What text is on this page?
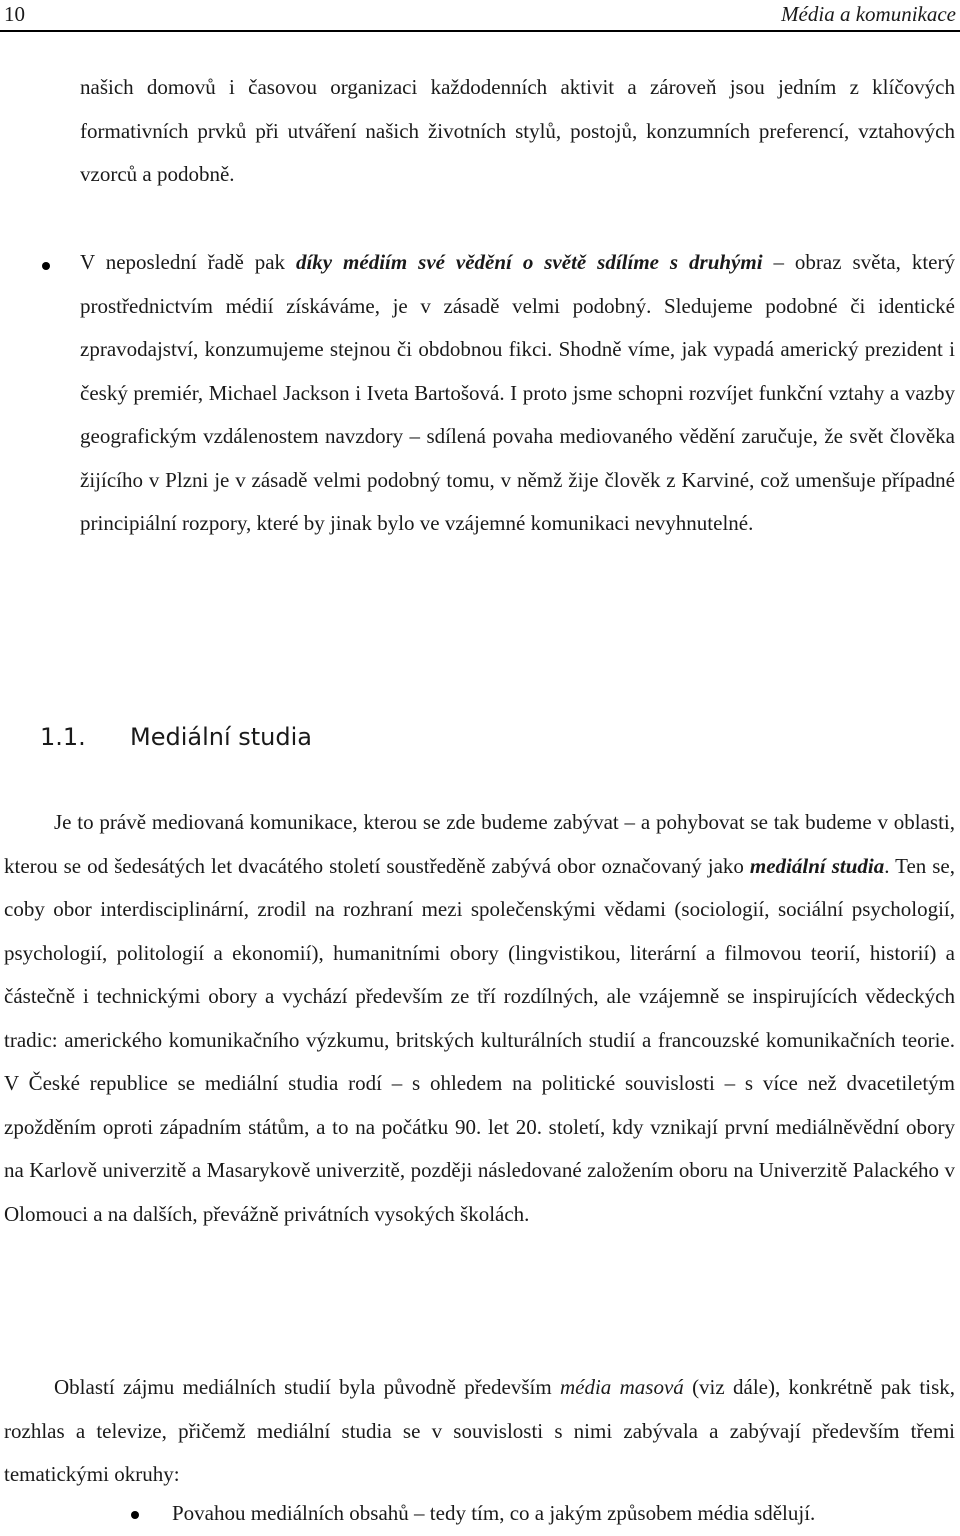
10	Média a komunikace
našich domovů i časovou organizaci každodenních aktivit a zároveň jsou jedním z klíčových formativních prvků při utváření našich životních stylů, postojů, konzumních preferencí, vztahových vzorců a podobně.
V neposlední řadě pak díky médiím své vědění o světě sdílíme s druhými – obraz světa, který prostřednictvím médií získáváme, je v zásadě velmi podobný. Sledujeme podobné či identické zpravodajství, konzumujeme stejnou či obdobnou fikci. Shodně víme, jak vypadá americký prezident i český premiér, Michael Jackson i Iveta Bartošová. I proto jsme schopni rozvíjet funkční vztahy a vazby geografickým vzdálenostem navzdory – sdílená povaha mediovaného vědění zaručuje, že svět člověka žijícího v Plzni je v zásadě velmi podobný tomu, v němž žije člověk z Karviné, což umenšuje případné principiální rozpory, které by jinak bylo ve vzájemné komunikaci nevyhnutelné.
1.1. Mediální studia
Je to právě mediovaná komunikace, kterou se zde budeme zabývat – a pohybovat se tak budeme v oblasti, kterou se od šedesátých let dvacátého století soustředěně zabývá obor označovaný jako mediální studia. Ten se, coby obor interdisciplinární, zrodil na rozhraní mezi společenskými vědami (sociologií, sociální psychologií, psychologií, politologií a ekonomií), humanitními obory (lingvistikou, literární a filmovou teorií, historií) a částečně i technickými obory a vychází především ze tří rozdílných, ale vzájemně se inspirujících vědeckých tradic: amerického komunikačního výzkumu, britských kulturálních studií a francouzské komunikačních teorie. V České republice se mediální studia rodí – s ohledem na politické souvislosti – s více než dvacetiletým zpožděním oproti západním státům, a to na počátku 90. let 20. století, kdy vznikají první mediálněvědní obory na Karlově univerzitě a Masarykově univerzitě, později následované založením oboru na Univerzitě Palackého v Olomouci a na dalších, převážně privátních vysokých školách.
Oblastí zájmu mediálních studií byla původně především média masová (viz dále), konkrétně pak tisk, rozhlas a televize, přičemž mediální studia se v souvislosti s nimi zabývala a zabývají především třemi tematickými okruhy:
Povahou mediálních obsahů – tedy tím, co a jakým způsobem média sdělují.
